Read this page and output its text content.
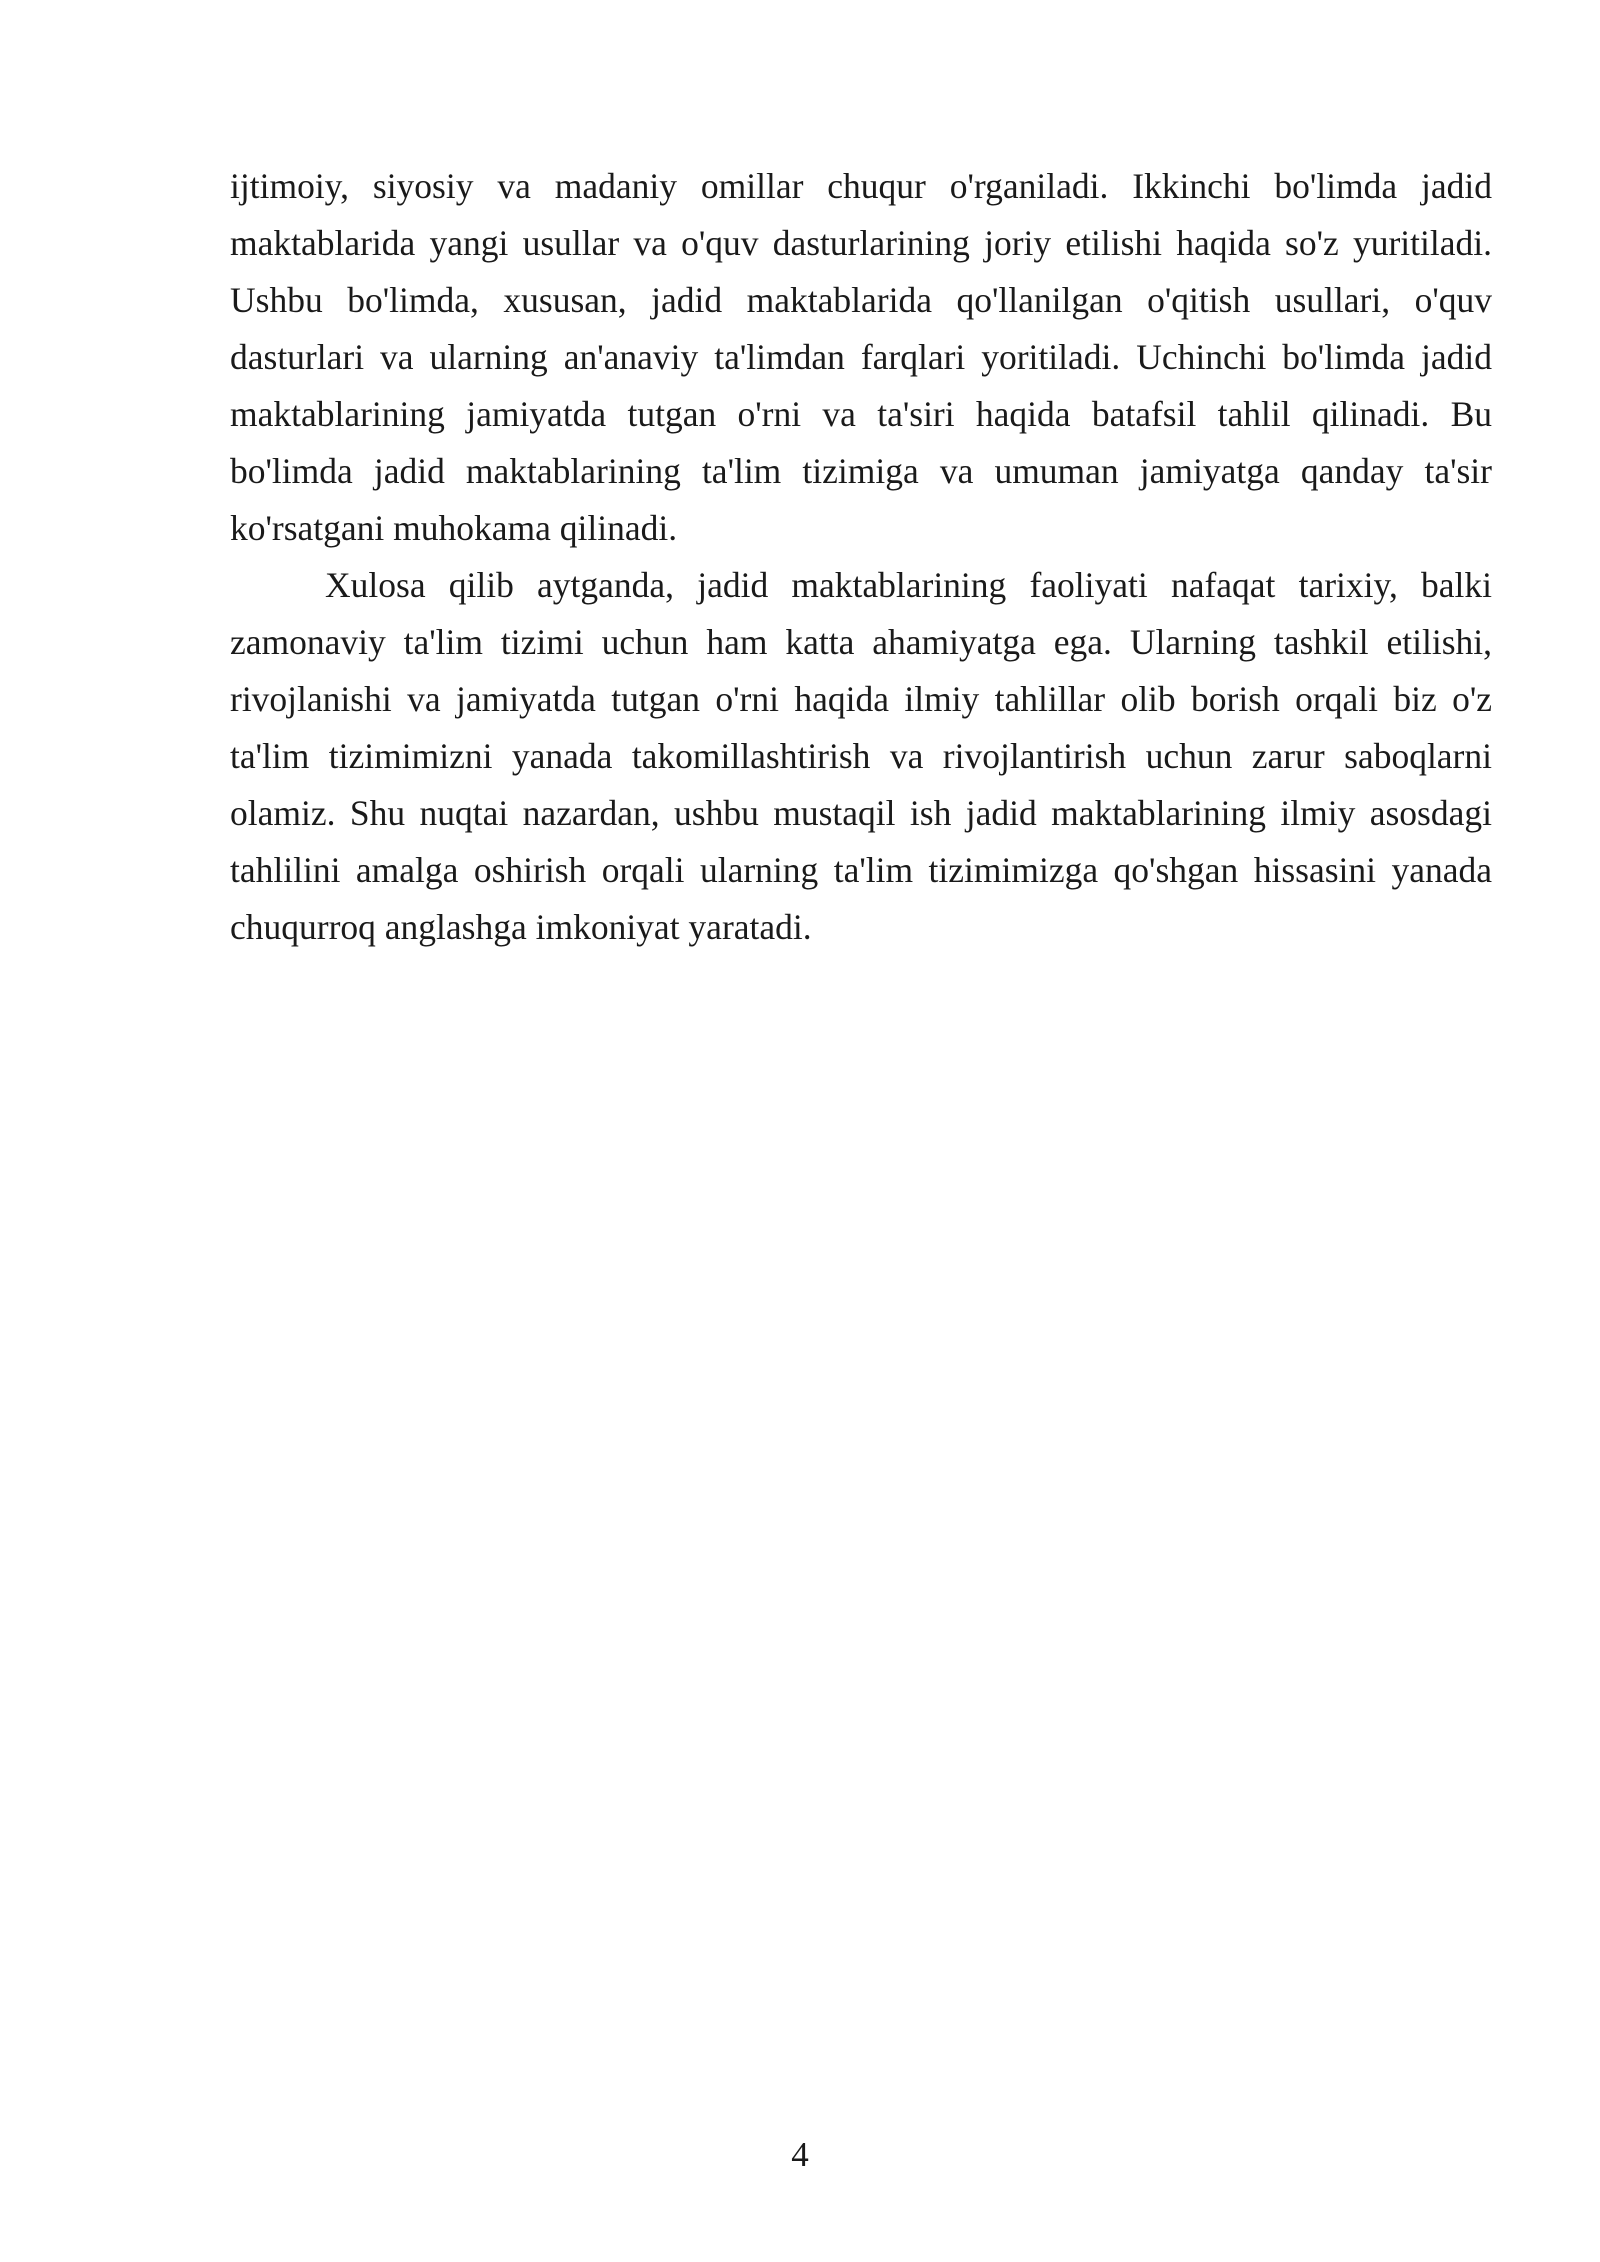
ijtimoiy, siyosiy va madaniy omillar chuqur o'rganiladi. Ikkinchi bo'limda jadid maktablarida yangi usullar va o'quv dasturlarining joriy etilishi haqida so'z yuritiladi. Ushbu bo'limda, xususan, jadid maktablarida qo'llanilgan o'qitish usullari, o'quv dasturlari va ularning an'anaviy ta'limdan farqlari yoritiladi. Uchinchi bo'limda jadid maktablarining jamiyatda tutgan o'rni va ta'siri haqida batafsil tahlil qilinadi. Bu bo'limda jadid maktablarining ta'lim tizimiga va umuman jamiyatga qanday ta'sir ko'rsatgani muhokama qilinadi.

Xulosa qilib aytganda, jadid maktablarining faoliyati nafaqat tarixiy, balki zamonaviy ta'lim tizimi uchun ham katta ahamiyatga ega. Ularning tashkil etilishi, rivojlanishi va jamiyatda tutgan o'rni haqida ilmiy tahlillar olib borish orqali biz o'z ta'lim tizimimizni yanada takomillashtirish va rivojlantirish uchun zarur saboqlarni olamiz. Shu nuqtai nazardan, ushbu mustaqil ish jadid maktablarining ilmiy asosdagi tahlilini amalga oshirish orqali ularning ta'lim tizimimizga qo'shgan hissasini yanada chuqurroq anglashga imkoniyat yaratadi.

4
